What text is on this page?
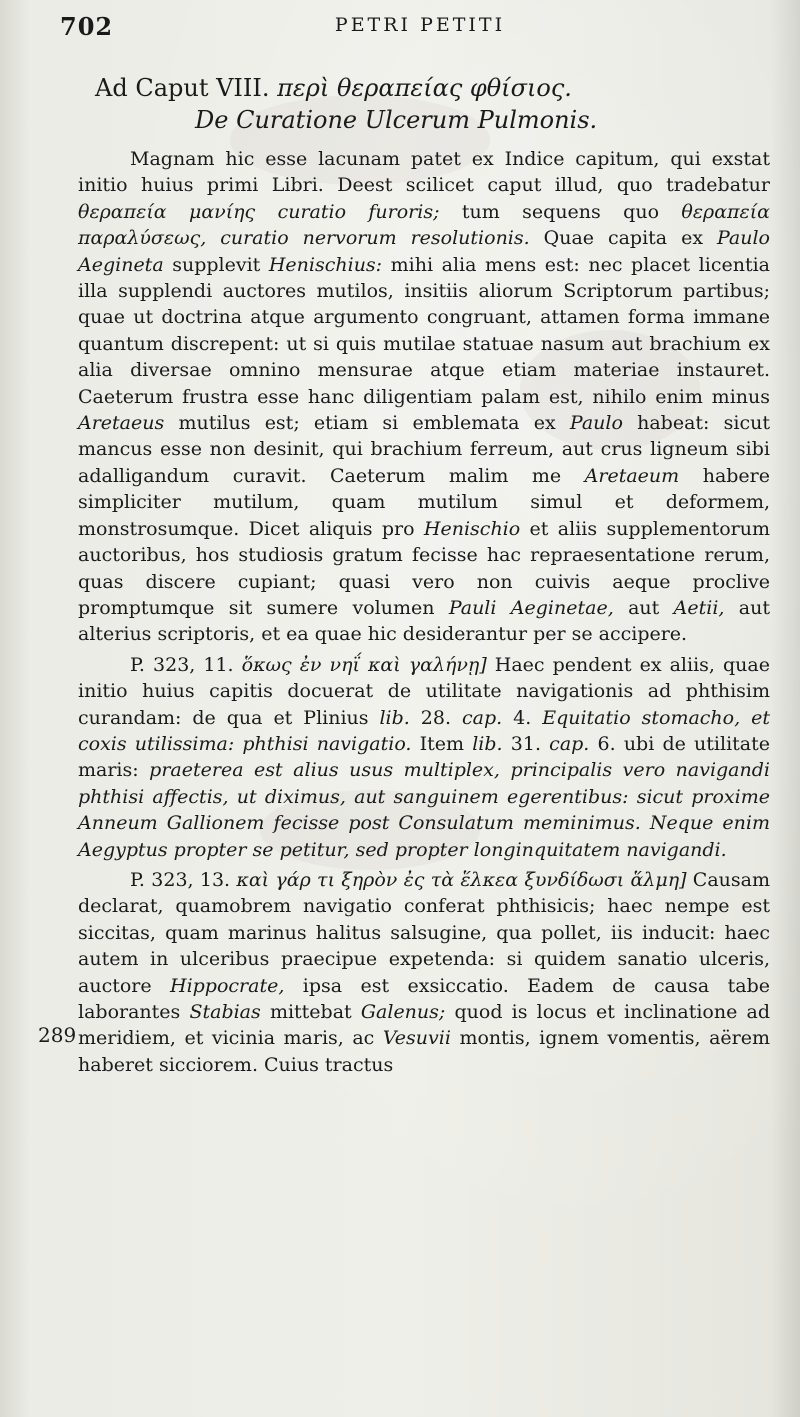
702	PETRI PETITI
Ad Caput VIII. περὶ θεραπείας φθίσιος.
De Curatione Ulcerum Pulmonis.

Magnam hic esse lacunam patet ex Indice capitum, qui exstat initio huius primi Libri. Deest scilicet caput illud, quo tradebatur θεραπεία μανίης curatio furoris; tum sequens quo θεραπεία παραλύσεως, curatio nervorum resolutionis. Quae capita ex Paulo Aegineta supplevit Henischius: mihi alia mens est: nec placet licentia illa supplendi auctores mutilos, insitiis aliorum Scriptorum partibus; quae ut doctrina atque argumento congruant, attamen forma immane quantum discrepent: ut si quis mutilae statuae nasum aut brachium ex alia diversae omnino mensurae atque etiam materiae instauret. Caeterum frustra esse hanc diligentiam palam est, nihilo enim minus Aretaeus mutilus est; etiam si emblemata ex Paulo habeat: sicut mancus esse non desinit, qui brachium ferreum, aut crus ligneum sibi adalligandum curavit. Caeterum malim me Aretaeum habere simpliciter mutilum, quam mutilum simul et deformem, monstrosumque. Dicet aliquis pro Henischio et aliis supplementorum auctoribus, hos studiosis gratum fecisse hac repraesentatione rerum, quas discere cupiant; quasi vero non cuivis aeque proclive promptumque sit sumere volumen Pauli Aeginetae, aut Aetii, aut alterius scriptoris, et ea quae hic desiderantur per se accipere.

P. 323, 11. ὅκως ἐν νηΐ καὶ γαλήνῃ] Haec pendent ex aliis, quae initio huius capitis docuerat de utilitate navigationis ad phthisim curandam: de qua et Plinius lib. 28. cap. 4. Equitatio stomacho, et coxis utilissima: phthisi navigatio. Item lib. 31. cap. 6. ubi de utilitate maris: praeterea est alius usus multiplex, principalis vero navigandi phthisi affectis, ut diximus, aut sanguinem egerentibus: sicut proxime Anneum Gallionem fecisse post Consulatum meminimus. Neque enim Aegyptus propter se petitur, sed propter longinquitatem navigandi.

P. 323, 13. καὶ γάρ τι ξηρὸν ἐς τὰ ἕλκεα ξυνδίδωσι ἅλμη] Causam declarat, quamobrem navigatio conferat phthisicis; haec nempe est siccitas, quam marinus halitus salsugine, qua pollet, iis inducit: haec autem in ulceribus praecipue expetenda: si quidem sanatio ulceris, auctore Hippocrate, ipsa est exsiccatio. Eadem de causa tabe laborantes Stabias mittebat Galenus; quod is locus et inclinatione ad meridiem, et vicinia maris, ac Vesuvii montis, ignem vomentis, aërem haberet sicciorem. Cuius tractus

289
